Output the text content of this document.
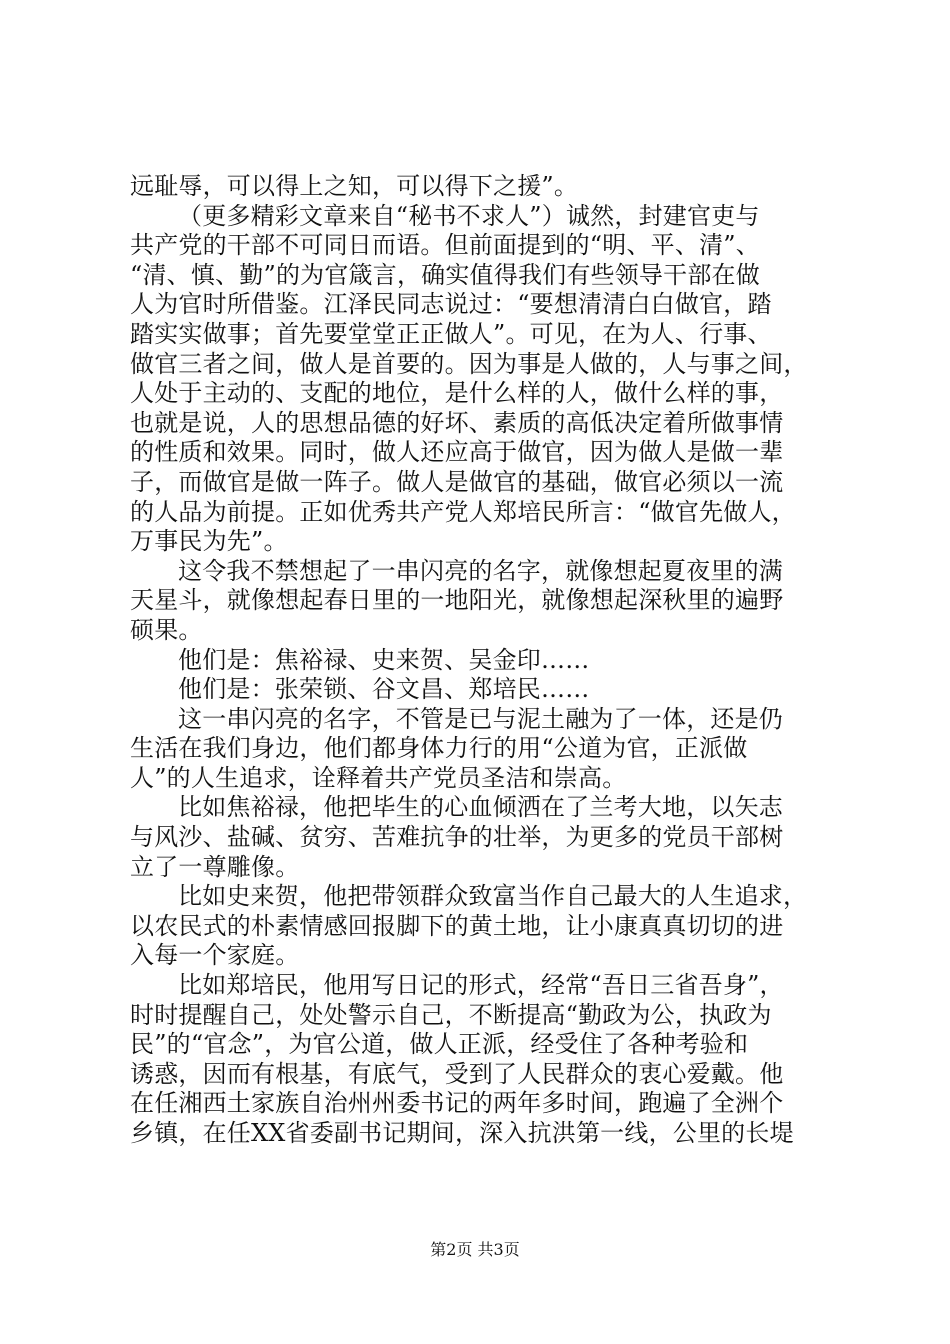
远耻辱，可以得上之知，可以得下之援”。
（更多精彩文章来自“秘书不求人”）诚然，封建官吏与
共产党的干部不可同日而语。但前面提到的“明、平、清”、
“清、慎、勤”的为官箴言，确实值得我们有些领导干部在做
人为官时所借鉴。江泽民同志说过：“要想清清白白做官，踏
踏实实做事；首先要堂堂正正做人”。可见，在为人、行事、
做官三者之间，做人是首要的。因为事是人做的，人与事之间，
人处于主动的、支配的地位，是什么样的人，做什么样的事，
也就是说，人的思想品德的好坏、素质的高低决定着所做事情
的性质和效果。同时，做人还应高于做官，因为做人是做一辈
子，而做官是做一阵子。做人是做官的基础，做官必须以一流
的人品为前提。正如优秀共产党人郑培民所言：“做官先做人，
万事民为先”。
这令我不禁想起了一串闪亮的名字，就像想起夏夜里的满
天星斗，就像想起春日里的一地阳光，就像想起深秋里的遍野
硕果。
他们是：焦裕禄、史来贺、吴金印……
他们是：张荣锁、谷文昌、郑培民……
这一串闪亮的名字，不管是已与泥土融为了一体，还是仍
生活在我们身边，他们都身体力行的用“公道为官，正派做
人”的人生追求，诠释着共产党员圣洁和崇高。
比如焦裕禄，他把毕生的心血倾洒在了兰考大地，以矢志
与风沙、盐碱、贫穷、苦难抗争的壮举，为更多的党员干部树
立了一尊雕像。
比如史来贺，他把带领群众致富当作自己最大的人生追求，
以农民式的朴素情感回报脚下的黄土地，让小康真真切切的进
入每一个家庭。
比如郑培民，他用写日记的形式，经常“吾日三省吾身”，
时时提醒自己，处处警示自己，不断提高“勤政为公，执政为
民”的“官念”，为官公道，做人正派，经受住了各种考验和
诱惑，因而有根基，有底气，受到了人民群众的衷心爱戴。他
在任湘西土家族自治州州委书记的两年多时间，跑遍了全洲个
乡镇，在任XX省委副书记期间，深入抗洪第一线，公里的长堤
第2页 共3页
